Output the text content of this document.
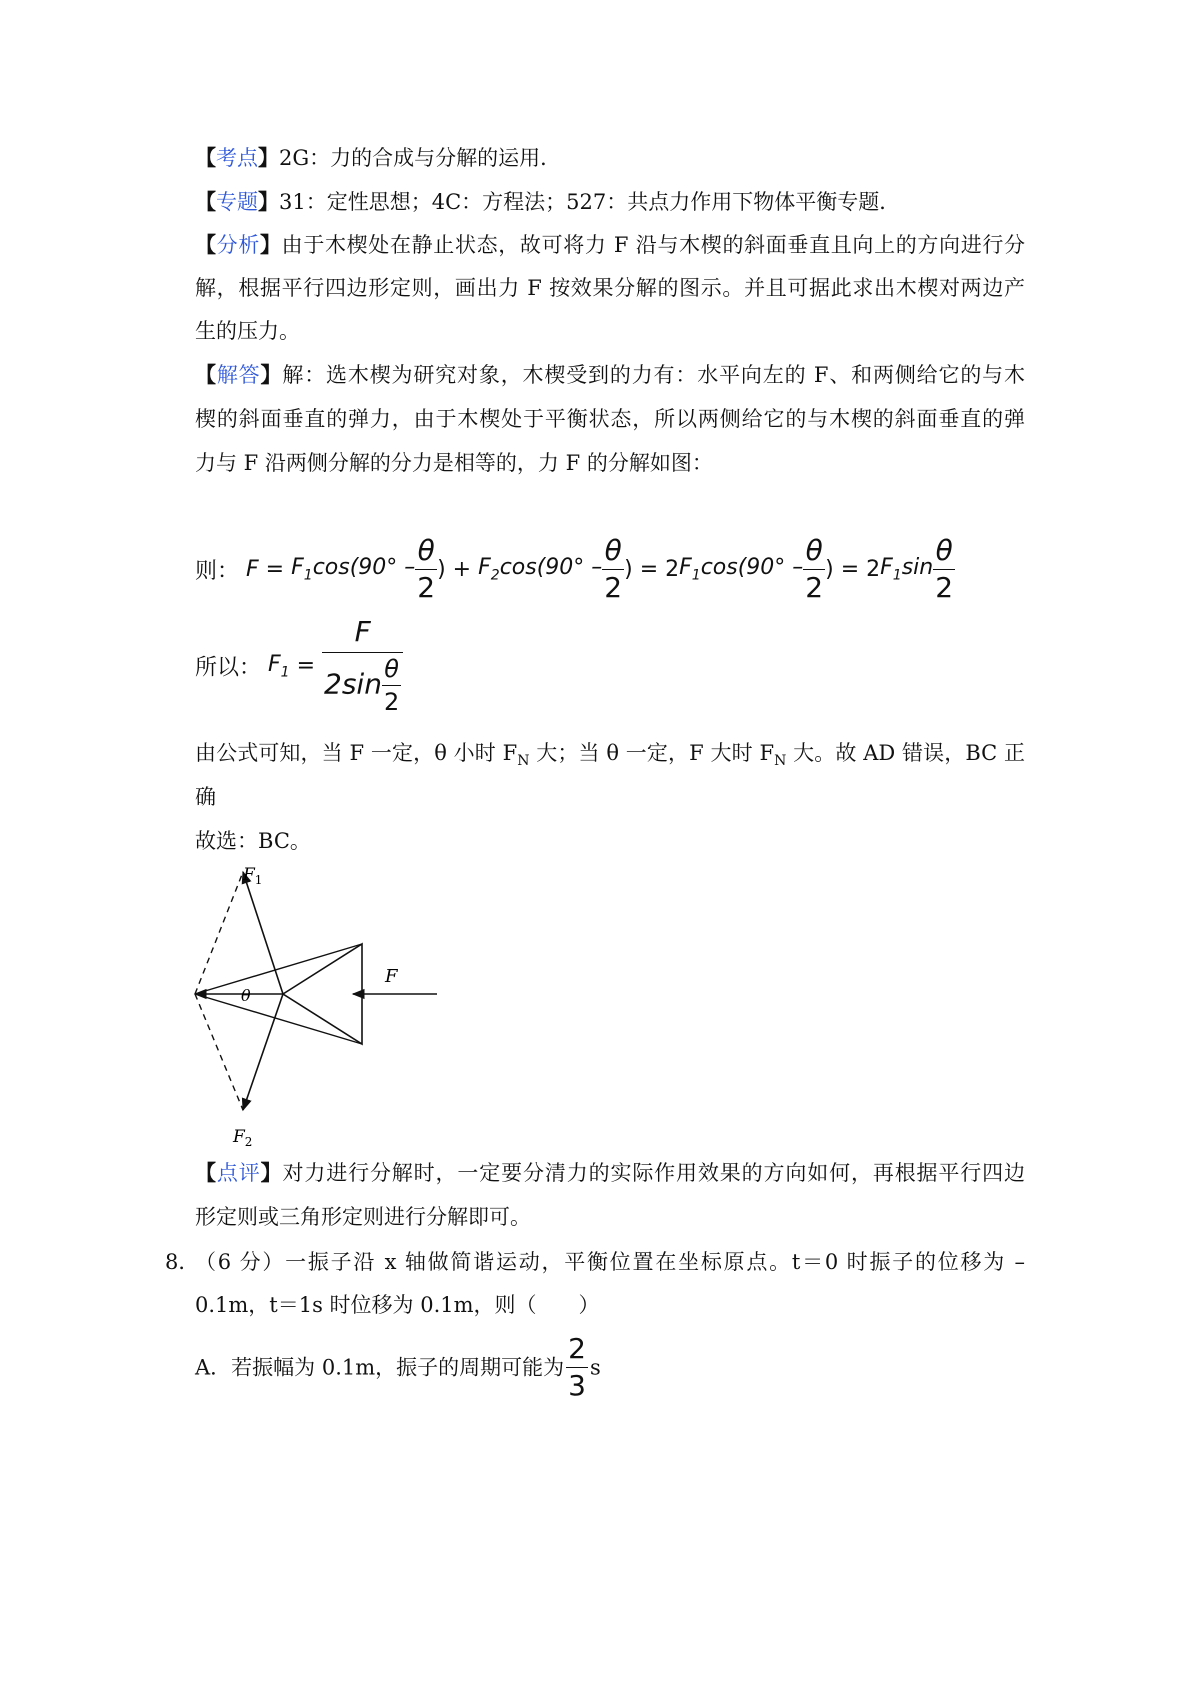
【考点】2G：力的合成与分解的运用．
【专题】31：定性思想；4C：方程法；527：共点力作用下物体平衡专题．
【分析】由于木楔处在静止状态，故可将力 F 沿与木楔的斜面垂直且向上的方向进行分
解，根据平行四边形定则，画出力 F 按效果分解的图示。并且可据此求出木楔对两边产
生的压力。
【解答】解：选木楔为研究对象，木楔受到的力有：水平向左的 F、和两侧给它的与木
楔的斜面垂直的弹力，由于木楔处于平衡状态，所以两侧给它的与木楔的斜面垂直的弹
力与 F 沿两侧分解的分力是相等的，力 F 的分解如图：
则： $F = F_1\cos(90^\circ - \frac{\theta}{2}$ ) + $F_2\cos(90^\circ - \frac{\theta}{2}$ ) = $2F_1\cos(90^\circ - \frac{\theta}{2}$ ) = $2F_1\sin \frac{\theta}{2}$
所以： $F_1 = \frac{F}{2\sin \frac{\theta}{2}}$
由公式可知，当 F 一定，θ 小时 $F_N$ 大；当 θ 一定，F 大时 $F_N$ 大。故 AD 错误，BC 正
确
故选：BC。
$F_1$
$F_2$
F
θ
【点评】对力进行分解时，一定要分清力的实际作用效果的方向如何，再根据平行四边
形定则或三角形定则进行分解即可。
8．
（6 分）一振子沿 x 轴做简谐运动，平衡位置在坐标原点。t＝0 时振子的位移为 –
0.1m，t＝1s 时位移为 0.1m，则（　　）
A．若振幅为 0.1m，振子的周期可能为 $\frac{2}{3}$ s
